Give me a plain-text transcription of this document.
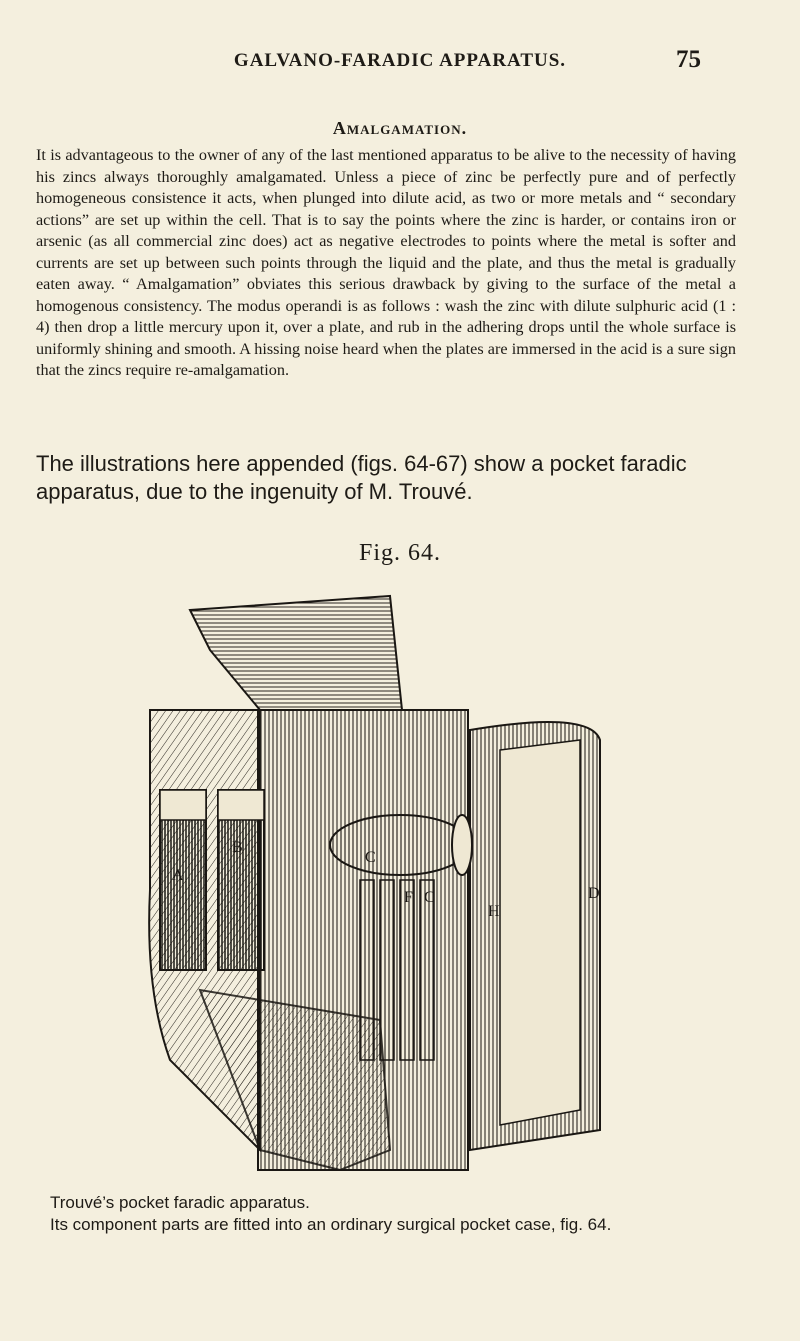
GALVANO-FARADIC APPARATUS.	75
Amalgamation.

It is advantageous to the owner of any of the last mentioned apparatus to be alive to the necessity of having his zincs always thoroughly amalgamated. Unless a piece of zinc be perfectly pure and of perfectly homogeneous consistence it acts, when plunged into dilute acid, as two or more metals and “ secondary actions” are set up within the cell. That is to say the points where the zinc is harder, or contains iron or arsenic (as all commercial zinc does) act as negative electrodes to points where the metal is softer and currents are set up between such points through the liquid and the plate, and thus the metal is gradually eaten away. “ Amalgamation” obviates this serious drawback by giving to the surface of the metal a homogenous consistency. The modus operandi is as follows : wash the zinc with dilute sulphuric acid (1 : 4) then drop a little mercury upon it, over a plate, and rub in the adhering drops until the whole surface is uniformly shining and smooth. A hissing noise heard when the plates are immersed in the acid is a sure sign that the zincs require re-amalgamation.

The illustrations here appended (figs. 64-67) show a pocket faradic apparatus, due to the ingenuity of M. Trouvé.

Fig. 64.
A
B
C
F C
H
D
Trouvé’s pocket faradic apparatus.
Its component parts are fitted into an ordinary surgical pocket case, fig. 64.
